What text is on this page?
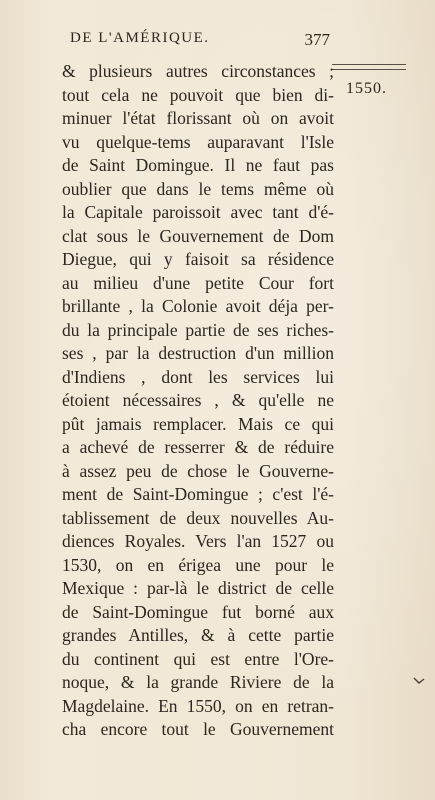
DE L'AMÉRIQUE.	377
1550.
& plusieurs autres circonstances ;
tout cela ne pouvoit que bien di-
minuer l'état florissant où on avoit
vu quelque-tems auparavant l'Isle
de Saint Domingue. Il ne faut pas
oublier que dans le tems même où
la Capitale paroissoit avec tant d'é-
clat sous le Gouvernement de Dom
Diegue, qui y faisoit sa résidence
au milieu d'une petite Cour fort
brillante , la Colonie avoit déja per-
du la principale partie de ses riches-
ses , par la destruction d'un million
d'Indiens , dont les services lui
étoient nécessaires , & qu'elle ne
pût jamais remplacer. Mais ce qui
a achevé de resserrer & de réduire
à assez peu de chose le Gouverne-
ment de Saint-Domingue ; c'est l'é-
tablissement de deux nouvelles Au-
diences Royales. Vers l'an 1527 ou
1530, on en érigea une pour le
Mexique : par-là le district de celle
de Saint-Domingue fut borné aux
grandes Antilles, & à cette partie
du continent qui est entre l'Ore-
noque, & la grande Riviere de la
Magdelaine. En 1550, on en retran-
cha encore tout le Gouvernement
